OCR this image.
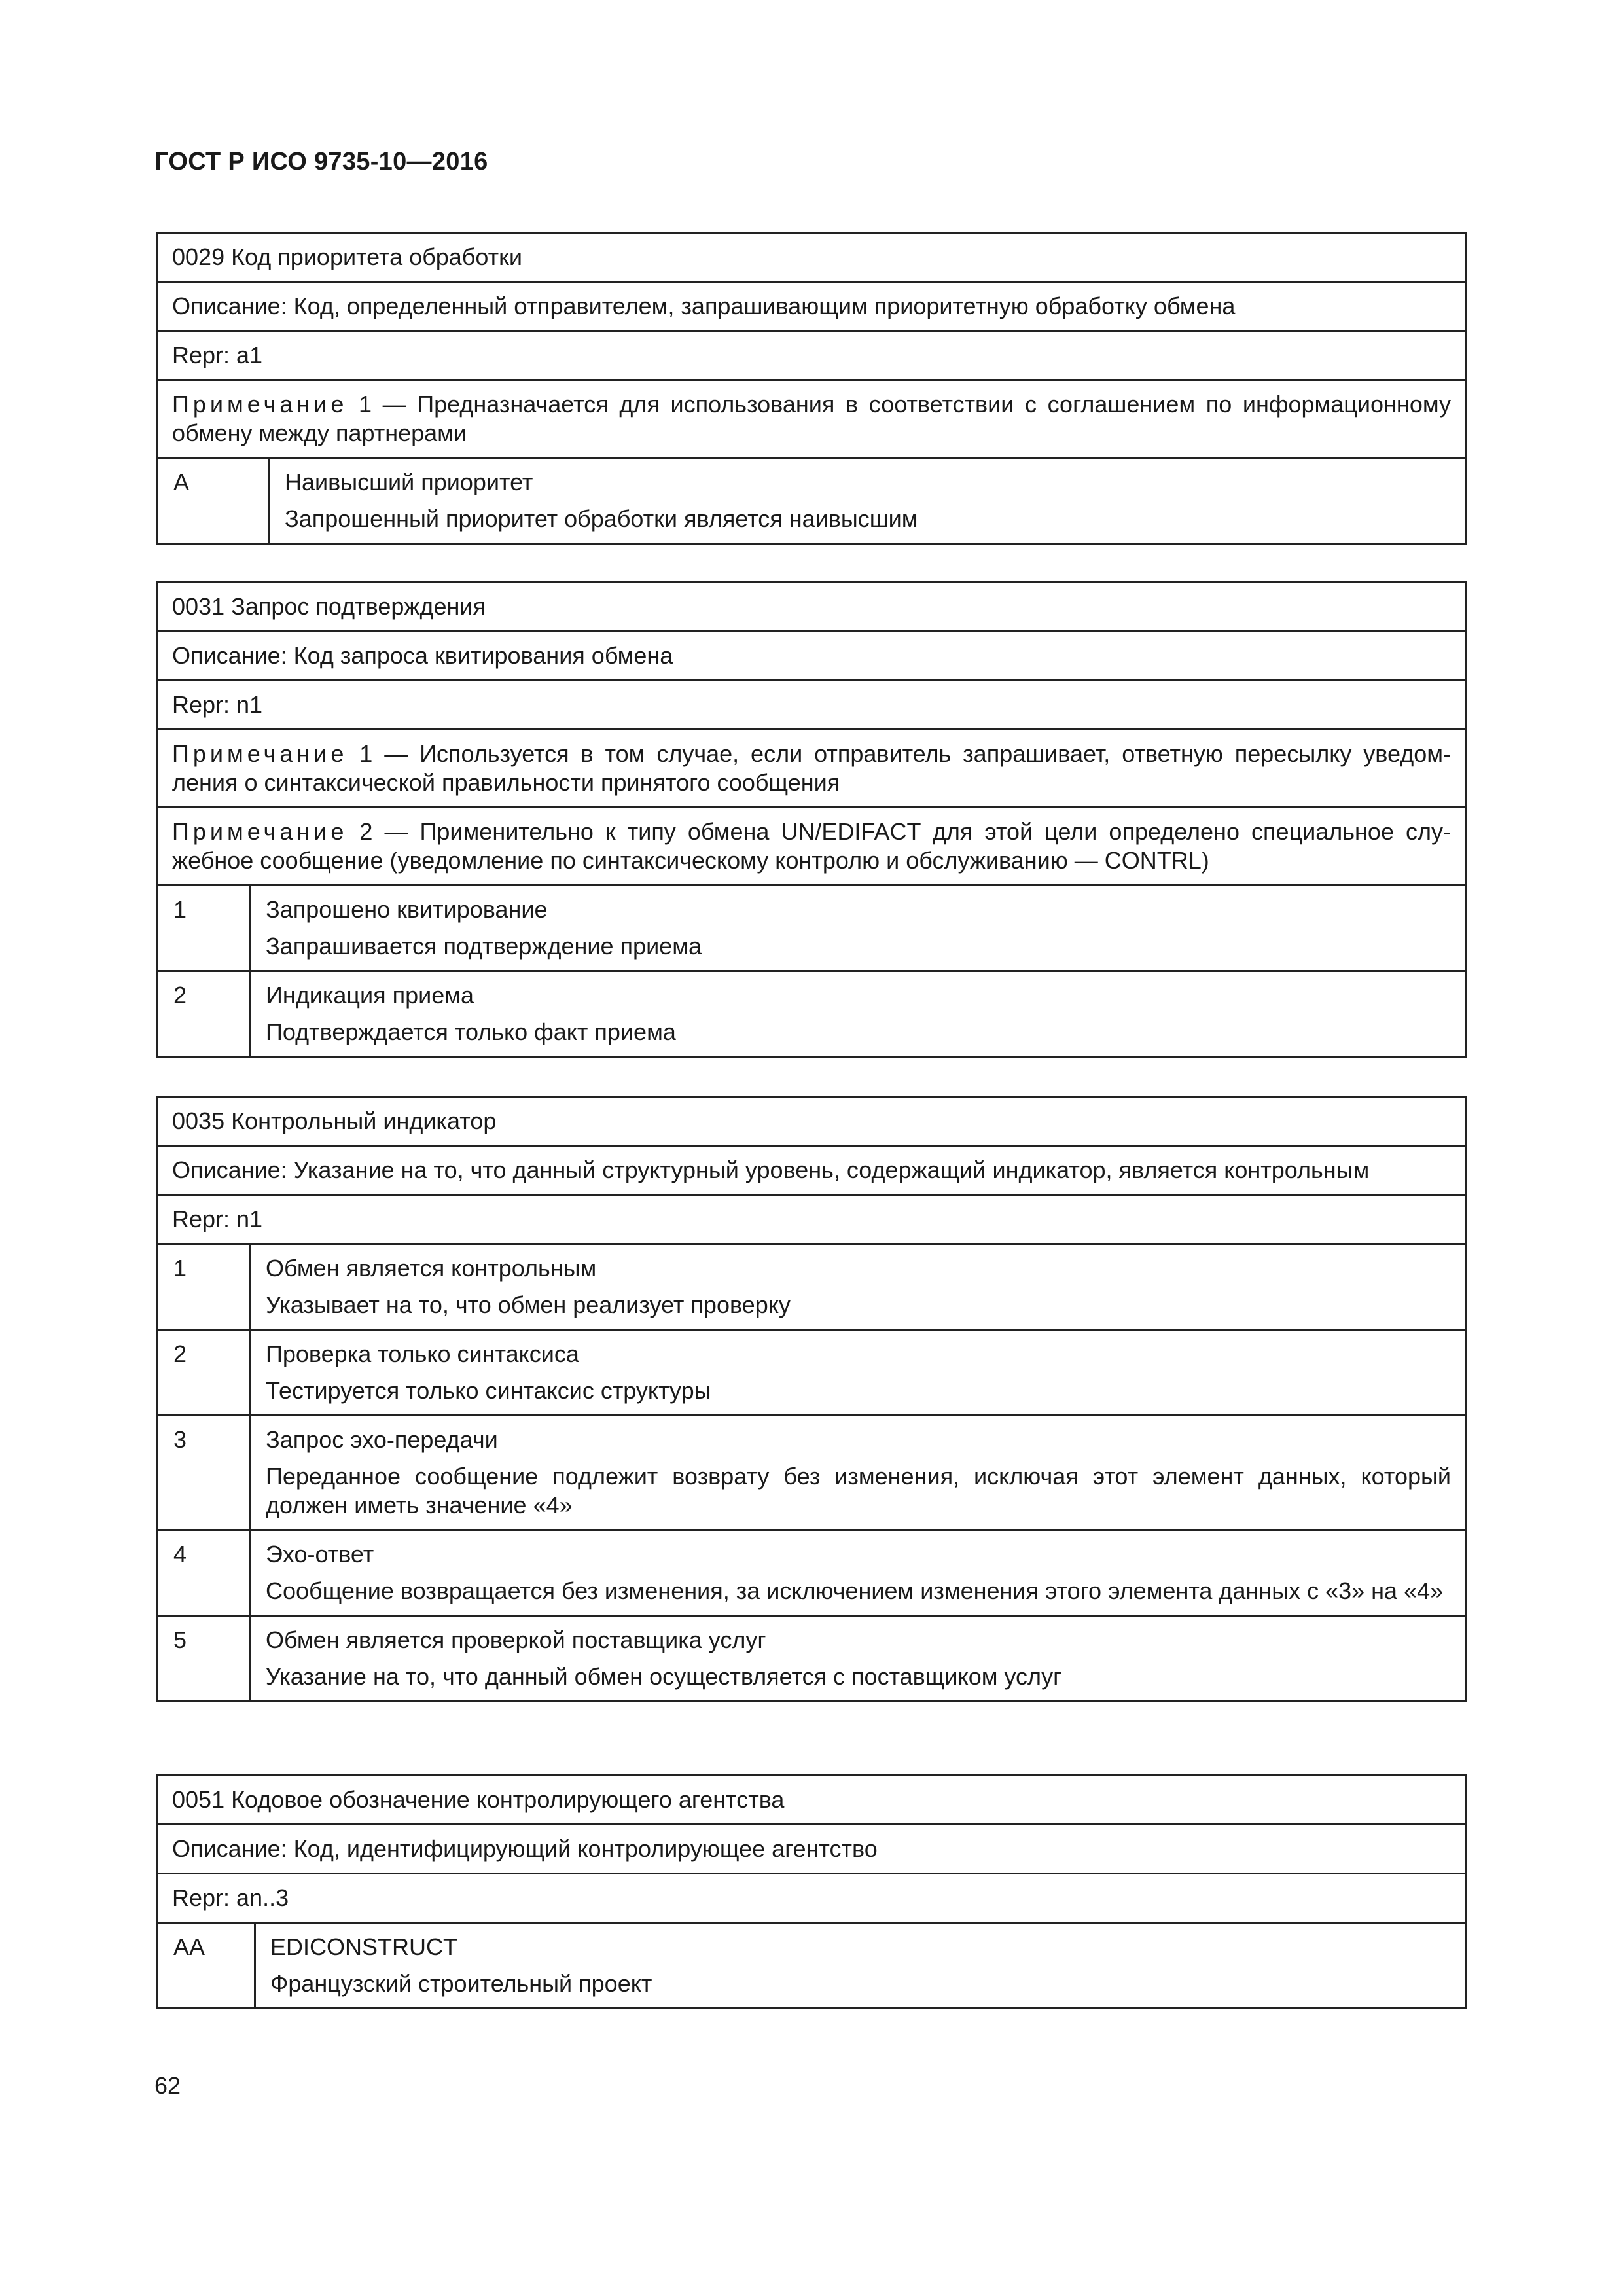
ГОСТ Р ИСО 9735-10—2016
0029 Код приоритета обработки
Описание: Код, определенный отправителем, запрашивающим приоритетную обработку обмена
Repr: a1
Примечание 1 — Предназначается для использования в соответствии с соглашением по информационному обмену между партнерами
A	Наивысший приоритет
Запрошенный приоритет обработки является наивысшим
0031 Запрос подтверждения	
Описание: Код запроса квитирования обмена	
Repr: n1	
Примечание 1 — Используется в том случае, если отправитель запрашивает, ответную пересылку уведом-ления о синтаксической правильности принятого сообщения	
Примечание 2 — Применительно к типу обмена UN/EDIFACT для этой цели определено специальное слу-жебное сообщение (уведомление по синтаксическому контролю и обслуживанию — CONTRL)	
1	Запрошено квитирование
Запрашивается подтверждение приема

2	Индикация приема
Подтверждается только факт приема
0035 Контрольный индикатор	
Описание: Указание на то, что данный структурный уровень, содержащий индикатор, является контрольным	
Repr: n1	
1	Обмен является контрольным
Указывает на то, что обмен реализует проверку

2	Проверка только синтаксиса
Тестируется только синтаксис структуры

3	Запрос эхо-передачи
Переданное сообщение подлежит возврату без изменения, исключая этот элемент данных, который должен иметь значение «4»

4	Эхо-ответ
Сообщение возвращается без изменения, за исключением изменения этого элемента данных с «3» на «4»

5	Обмен является проверкой поставщика услуг
Указание на то, что данный обмен осуществляется с поставщиком услуг
0051 Кодовое обозначение контролирующего агентства
Описание: Код, идентифицирующий контролирующее агентство
Repr: an..3
AA	EDICONSTRUCT
Французский строительный проект
62
